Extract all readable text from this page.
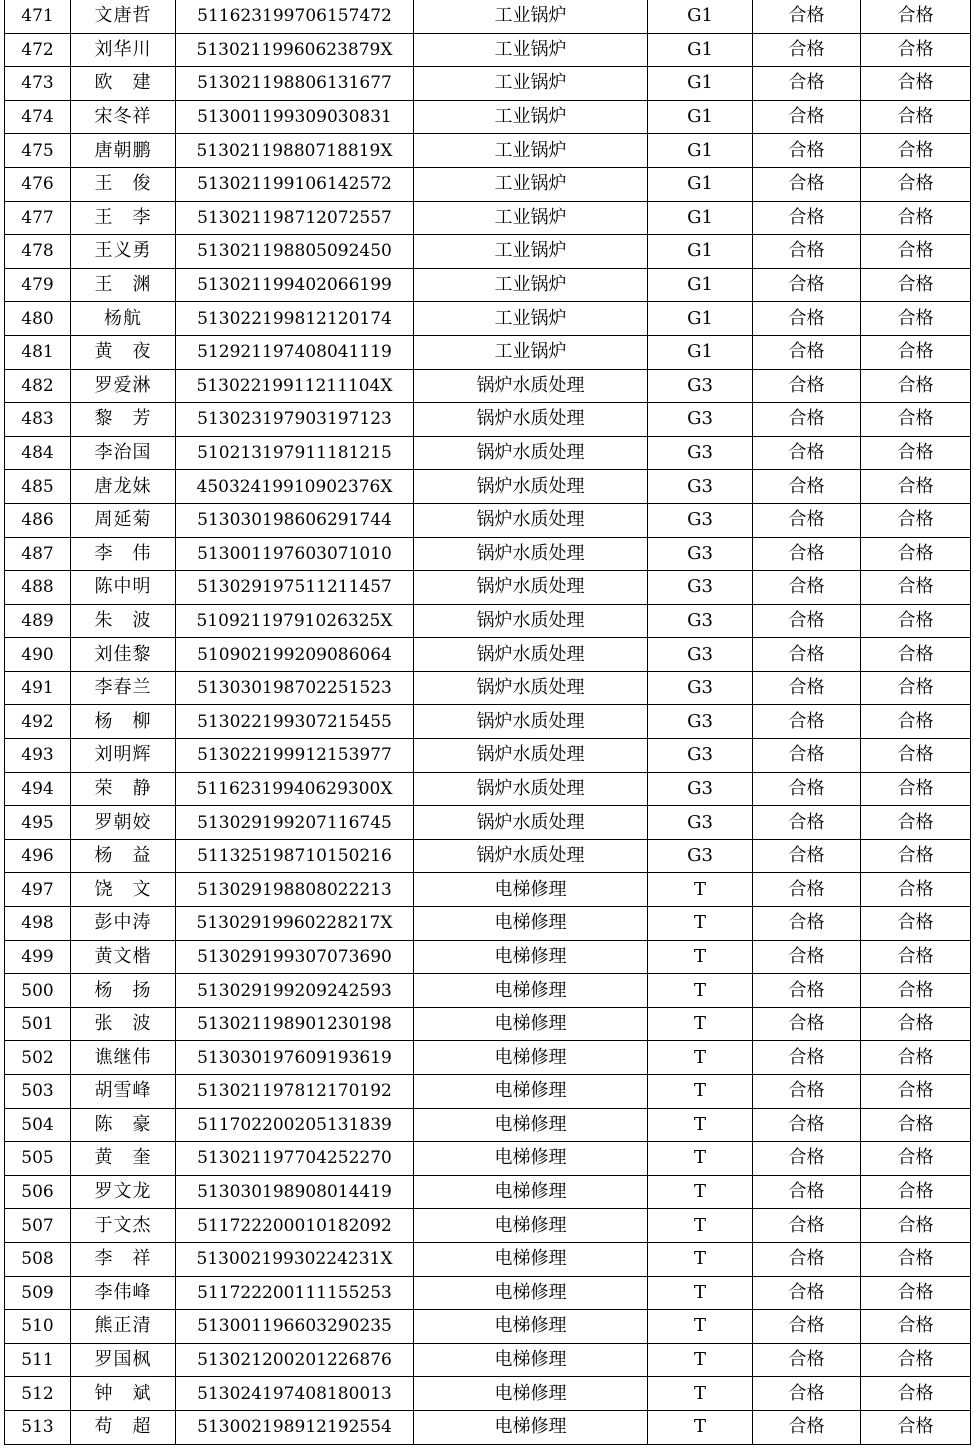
471	文唐哲	511623199706157472	工业锅炉	G1	合格	合格
472	刘华川	51302119960623879X	工业锅炉	G1	合格	合格
473	欧　建	513021198806131677	工业锅炉	G1	合格	合格
474	宋冬祥	513001199309030831	工业锅炉	G1	合格	合格
475	唐朝鹏	51302119880718819X	工业锅炉	G1	合格	合格
476	王　俊	513021199106142572	工业锅炉	G1	合格	合格
477	王　李	513021198712072557	工业锅炉	G1	合格	合格
478	王义勇	513021198805092450	工业锅炉	G1	合格	合格
479	王　渊	513021199402066199	工业锅炉	G1	合格	合格
480	杨航	513022199812120174	工业锅炉	G1	合格	合格
481	黄　夜	512921197408041119	工业锅炉	G1	合格	合格
482	罗爱淋	51302219911211104X	锅炉水质处理	G3	合格	合格
483	黎　芳	513023197903197123	锅炉水质处理	G3	合格	合格
484	李治国	510213197911181215	锅炉水质处理	G3	合格	合格
485	唐龙妹	45032419910902376X	锅炉水质处理	G3	合格	合格
486	周延菊	513030198606291744	锅炉水质处理	G3	合格	合格
487	李　伟	513001197603071010	锅炉水质处理	G3	合格	合格
488	陈中明	513029197511211457	锅炉水质处理	G3	合格	合格
489	朱　波	51092119791026325X	锅炉水质处理	G3	合格	合格
490	刘佳黎	510902199209086064	锅炉水质处理	G3	合格	合格
491	李春兰	513030198702251523	锅炉水质处理	G3	合格	合格
492	杨　柳	513022199307215455	锅炉水质处理	G3	合格	合格
493	刘明辉	513022199912153977	锅炉水质处理	G3	合格	合格
494	荣　静	51162319940629300X	锅炉水质处理	G3	合格	合格
495	罗朝姣	513029199207116745	锅炉水质处理	G3	合格	合格
496	杨　益	511325198710150216	锅炉水质处理	G3	合格	合格
497	饶　文	513029198808022213	电梯修理	T	合格	合格
498	彭中涛	51302919960228217X	电梯修理	T	合格	合格
499	黄文楷	513029199307073690	电梯修理	T	合格	合格
500	杨　扬	513029199209242593	电梯修理	T	合格	合格
501	张　波	513021198901230198	电梯修理	T	合格	合格
502	谯继伟	513030197609193619	电梯修理	T	合格	合格
503	胡雪峰	513021197812170192	电梯修理	T	合格	合格
504	陈　豪	511702200205131839	电梯修理	T	合格	合格
505	黄　奎	513021197704252270	电梯修理	T	合格	合格
506	罗文龙	513030198908014419	电梯修理	T	合格	合格
507	于文杰	511722200010182092	电梯修理	T	合格	合格
508	李　祥	51300219930224231X	电梯修理	T	合格	合格
509	李伟峰	511722200111155253	电梯修理	T	合格	合格
510	熊正清	513001196603290235	电梯修理	T	合格	合格
511	罗国枫	513021200201226876	电梯修理	T	合格	合格
512	钟　斌	513024197408180013	电梯修理	T	合格	合格
513	苟　超	513002198912192554	电梯修理	T	合格	合格
